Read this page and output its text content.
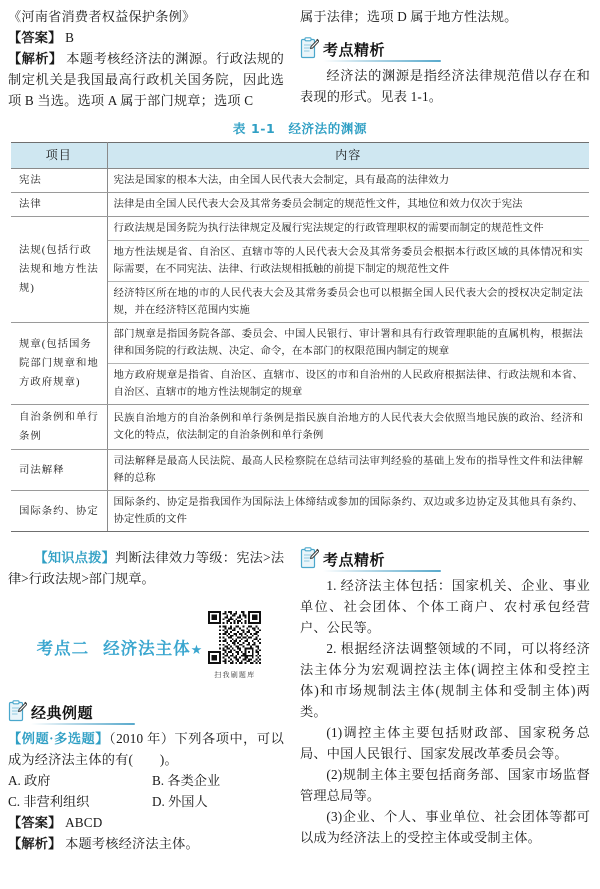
《河南省消费者权益保护条例》

【答案】 B

【解析】 本题考核经济法的渊源。行政法规的制定机关是我国最高行政机关国务院，因此选项 B 当选。选项 A 属于部门规章；选项 C

属于法律；选项 D 属于地方性法规。

考点精析

经济法的渊源是指经济法律规范借以存在和表现的形式。见表 1-1。

表 1-1　经济法的渊源
项目	内容
宪法	宪法是国家的根本大法，由全国人民代表大会制定，具有最高的法律效力
法律	法律是由全国人民代表大会及其常务委员会制定的规范性文件，其地位和效力仅次于宪法
法规(包括行政法规和地方性法规)	行政法规是国务院为执行法律规定及履行宪法规定的行政管理职权的需要而制定的规范性文件
	地方性法规是省、自治区、直辖市等的人民代表大会及其常务委员会根据本行政区域的具体情况和实际需要，在不同宪法、法律、行政法规相抵触的前提下制定的规范性文件
	经济特区所在地的市的人民代表大会及其常务委员会也可以根据全国人民代表大会的授权决定制定法规，并在经济特区范围内实施
规章(包括国务院部门规章和地方政府规章)	部门规章是指国务院各部、委员会、中国人民银行、审计署和具有行政管理职能的直属机构，根据法律和国务院的行政法规、决定、命令，在本部门的权限范围内制定的规章
	地方政府规章是指省、自治区、直辖市、设区的市和自治州的人民政府根据法律、行政法规和本省、自治区、直辖市的地方性法规制定的规章
自治条例和单行条例	民族自治地方的自治条例和单行条例是指民族自治地方的人民代表大会依照当地民族的政治、经济和文化的特点，依法制定的自治条例和单行条例
司法解释	司法解释是最高人民法院、最高人民检察院在总结司法审判经验的基础上发布的指导性文件和法律解释的总称
国际条约、协定	国际条约、协定是指我国作为国际法上体缔结或参加的国际条约、双边或多边协定及其他具有条约、协定性质的文件

【知识点拨】判断法律效力等级：宪法>法律>行政法规>部门规章。

考点二 经济法主体★
扫我刷题库
经典例题

【例题·多选题】（2010 年）下列各项中，可以成为经济法主体的有(　　)。

A. 政府	B. 各类企业
C. 非营利组织	D. 外国人

【答案】 ABCD

【解析】 本题考核经济法主体。

考点精析

1. 经济法主体包括：国家机关、企业、事业单位、社会团体、个体工商户、农村承包经营户、公民等。

2. 根据经济法调整领域的不同，可以将经济法主体分为宏观调控法主体(调控主体和受控主体)和市场规制法主体(规制主体和受制主体)两类。

(1)调控主体主要包括财政部、国家税务总局、中国人民银行、国家发展改革委员会等。

(2)规制主体主要包括商务部、国家市场监督管理总局等。

(3)企业、个人、事业单位、社会团体等都可以成为经济法上的受控主体或受制主体。
